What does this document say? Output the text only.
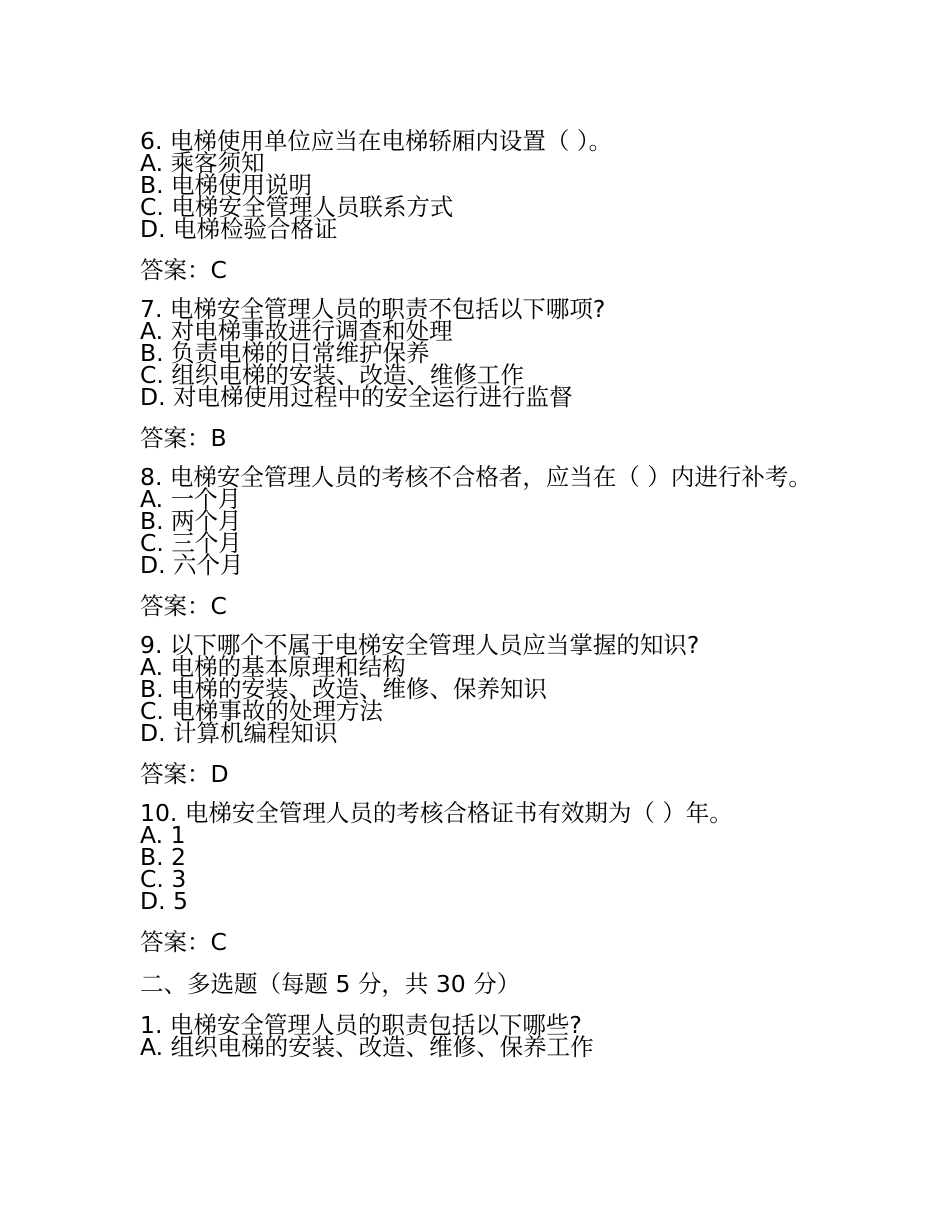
6. 电梯使用单位应当在电梯轿厢内设置（ ）。
A. 乘客须知
B. 电梯使用说明
C. 电梯安全管理人员联系方式
D. 电梯检验合格证
答案：C
7. 电梯安全管理人员的职责不包括以下哪项?
A. 对电梯事故进行调查和处理
B. 负责电梯的日常维护保养
C. 组织电梯的安装、改造、维修工作
D. 对电梯使用过程中的安全运行进行监督
答案：B
8. 电梯安全管理人员的考核不合格者，应当在（ ）内进行补考。
A. 一个月
B. 两个月
C. 三个月
D. 六个月
答案：C
9. 以下哪个不属于电梯安全管理人员应当掌握的知识?
A. 电梯的基本原理和结构
B. 电梯的安装、改造、维修、保养知识
C. 电梯事故的处理方法
D. 计算机编程知识
答案：D
10. 电梯安全管理人员的考核合格证书有效期为（ ）年。
A. 1
B. 2
C. 3
D. 5
答案：C
二、多选题（每题 5 分，共 30 分）
1. 电梯安全管理人员的职责包括以下哪些?
A. 组织电梯的安装、改造、维修、保养工作
